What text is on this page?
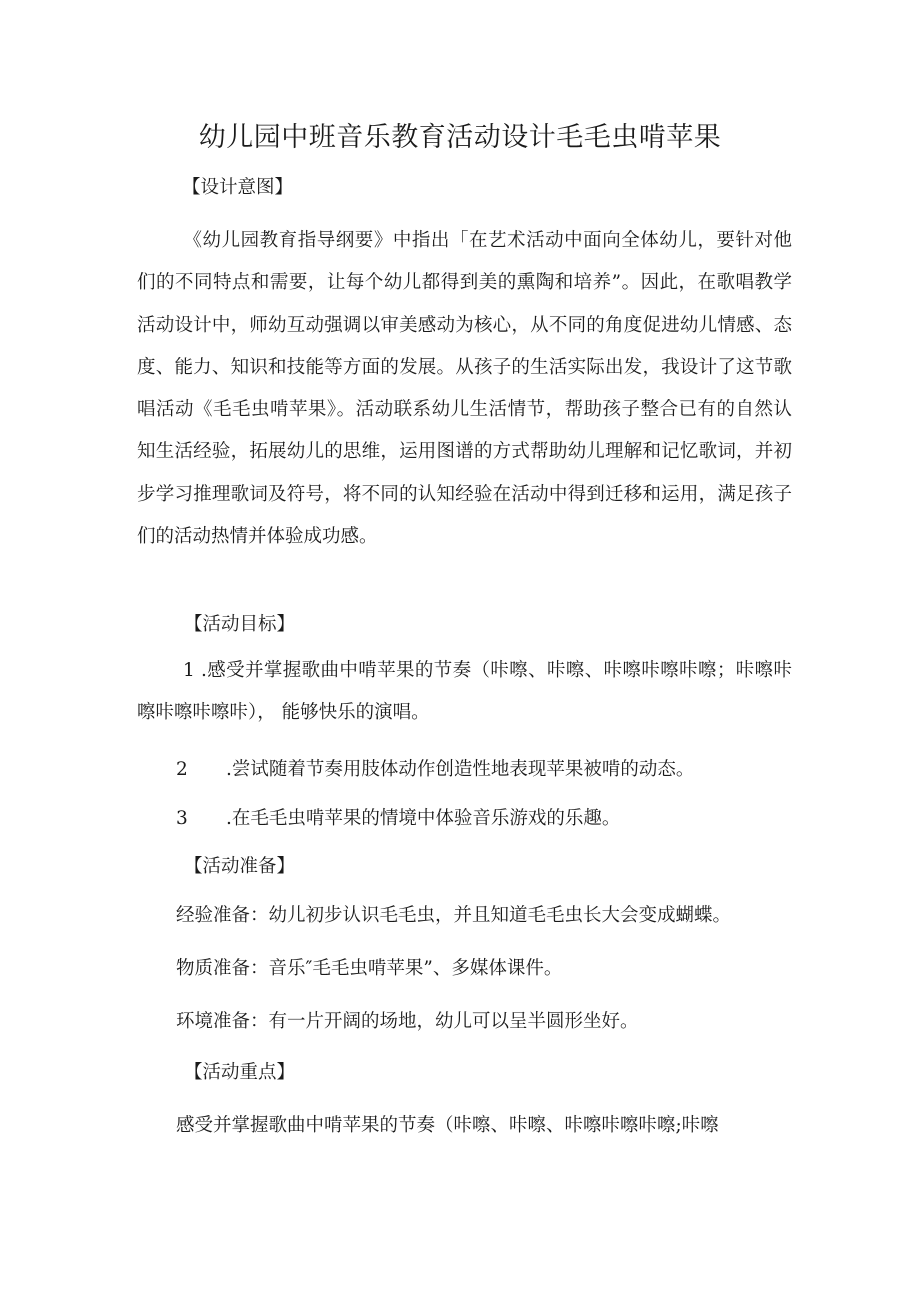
幼儿园中班音乐教育活动设计毛毛虫啃苹果
【设计意图】
《幼儿园教育指导纲要》中指出「在艺术活动中面向全体幼儿，要针对他们的不同特点和需要，让每个幼儿都得到美的熏陶和培养”。因此，在歌唱教学活动设计中，师幼互动强调以审美感动为核心，从不同的角度促进幼儿情感、态度、能力、知识和技能等方面的发展。从孩子的生活实际出发，我设计了这节歌唱活动《毛毛虫啃苹果》。活动联系幼儿生活情节，帮助孩子整合已有的自然认知生活经验，拓展幼儿的思维，运用图谱的方式帮助幼儿理解和记忆歌词，并初步学习推理歌词及符号，将不同的认知经验在活动中得到迁移和运用，满足孩子们的活动热情并体验成功感。
【活动目标】
1 .感受并掌握歌曲中啃苹果的节奏（咔嚓、咔嚓、咔嚓咔嚓咔嚓；咔嚓咔嚓咔嚓咔嚓咔）， 能够快乐的演唱。
2 .尝试随着节奏用肢体动作创造性地表现苹果被啃的动态。
3 .在毛毛虫啃苹果的情境中体验音乐游戏的乐趣。
【活动准备】
经验准备：幼儿初步认识毛毛虫，并且知道毛毛虫长大会变成蝴蝶。
物质准备：音乐″毛毛虫啃苹果”、多媒体课件。
环境准备：有一片开阔的场地，幼儿可以呈半圆形坐好。
【活动重点】
感受并掌握歌曲中啃苹果的节奏（咔嚓、咔嚓、咔嚓咔嚓咔嚓;咔嚓
